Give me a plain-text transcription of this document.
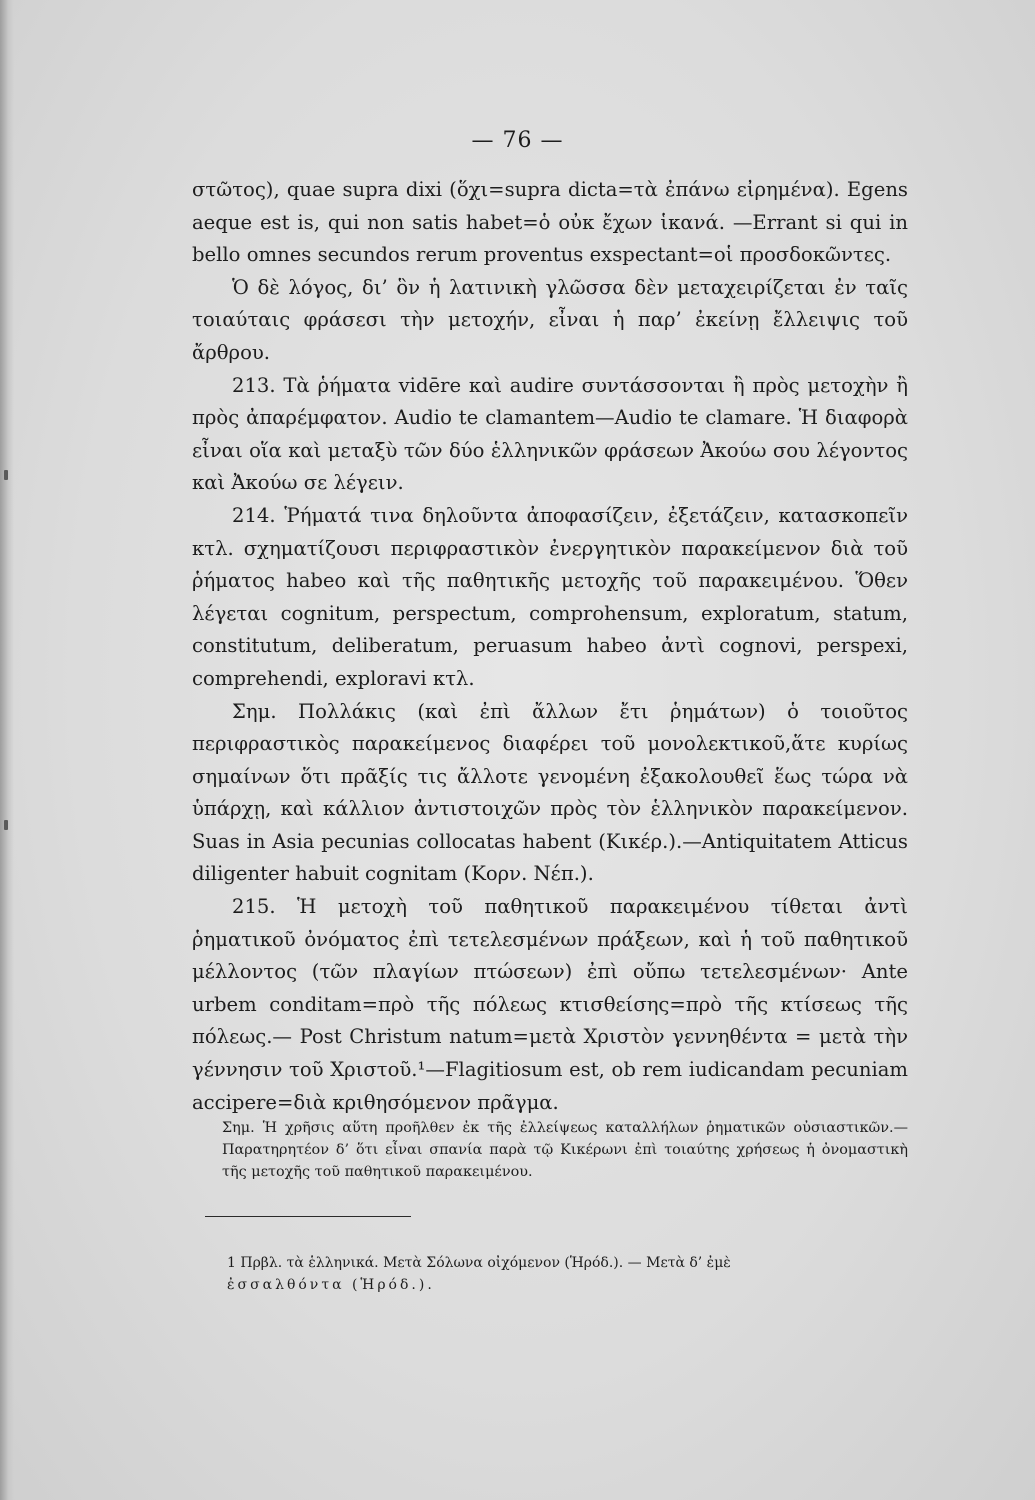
— 76 —

στῶτος), quae supra dixi (ὅχι=supra dicta=τὰ ἐπάνω εἰρημένα). Egens aeque est is, qui non satis habet=ὁ οὐκ ἔχων ἱκανά. —Errant si qui in bello omnes secundos rerum proventus exspectant=οἱ προσδοκῶντες.

Ὁ δὲ λόγος, δι’ ὃν ἡ λατινικὴ γλῶσσα δὲν μεταχειρίζεται ἐν ταῖς τοιαύταις φράσεσι τὴν μετοχήν, εἶναι ἡ παρ’ ἐκείνῃ ἔλλειψις τοῦ ἄρθρου.

213. Τὰ ῥήματα vidēre καὶ audire συντάσσονται ἢ πρὸς μετοχὴν ἢ πρὸς ἀπαρέμφατον. Audio te clamantem—Audio te clamare. Ἡ διαφορὰ εἶναι οἵα καὶ μεταξὺ τῶν δύο ἑλληνικῶν φράσεων Ἀκούω σου λέγοντος καὶ Ἀκούω σε λέγειν.

214. Ῥήματά τινα δηλοῦντα ἀποφασίζειν, ἐξετάζειν, κατασκοπεῖν κτλ. σχηματίζουσι περιφραστικὸν ἐνεργητικὸν παρακείμενον διὰ τοῦ ῥήματος habeo καὶ τῆς παθητικῆς μετοχῆς τοῦ παρακειμένου. Ὅθεν λέγεται cognitum, perspectum, comprohensum, exploratum, statum, constitutum, deliberatum, peruasum habeo ἀντὶ cognovi, perspexi, comprehendi, exploravi κτλ.

Σημ. Πολλάκις (καὶ ἐπὶ ἄλλων ἔτι ῥημάτων) ὁ τοιοῦτος περιφραστικὸς παρακείμενος διαφέρει τοῦ μονολεκτικοῦ,ἅτε κυρίως σημαίνων ὅτι πρᾶξίς τις ἄλλοτε γενομένη ἐξακολουθεῖ ἕως τώρα νὰ ὑπάρχῃ, καὶ κάλλιον ἀντιστοιχῶν πρὸς τὸν ἑλληνικὸν παρακείμενον. Suas in Asia pecunias collocatas habent (Κικέρ.).—Antiquitatem Atticus diligenter habuit cognitam (Κορν. Νέπ.).

215. Ἡ μετοχὴ τοῦ παθητικοῦ παρακειμένου τίθεται ἀντὶ ῥηματικοῦ ὀνόματος ἐπὶ τετελεσμένων πράξεων, καὶ ἡ τοῦ παθητικοῦ μέλλοντος (τῶν πλαγίων πτώσεων) ἐπὶ οὔπω τετελεσμένων· Ante urbem conditam=πρὸ τῆς πόλεως κτισθείσης=πρὸ τῆς κτίσεως τῆς πόλεως.— Post Christum natum=μετὰ Χριστὸν γεννηθέντα = μετὰ τὴν γέννησιν τοῦ Χριστοῦ.¹—Flagitiosum est, ob rem iudicandam pecuniam accipere=διὰ κριθησόμενον πρᾶγμα.

Σημ. Ἡ χρῆσις αὕτη προῆλθεν ἐκ τῆς ἐλλείψεως καταλλήλων ῥηματικῶν οὐσιαστικῶν.—Παρατηρητέον δ’ ὅτι εἶναι σπανία παρὰ τῷ Κικέρωνι ἐπὶ τοιαύτης χρήσεως ἡ ὀνομαστικὴ τῆς μετοχῆς τοῦ παθητικοῦ παρακειμένου.
1 Πρβλ. τὰ ἑλληνικά. Μετὰ Σόλωνα οἰχόμενον (Ἡρόδ.). — Μετὰ δ’ ἐμὲ
ἐσσαλθόντα (Ἡρόδ.).
